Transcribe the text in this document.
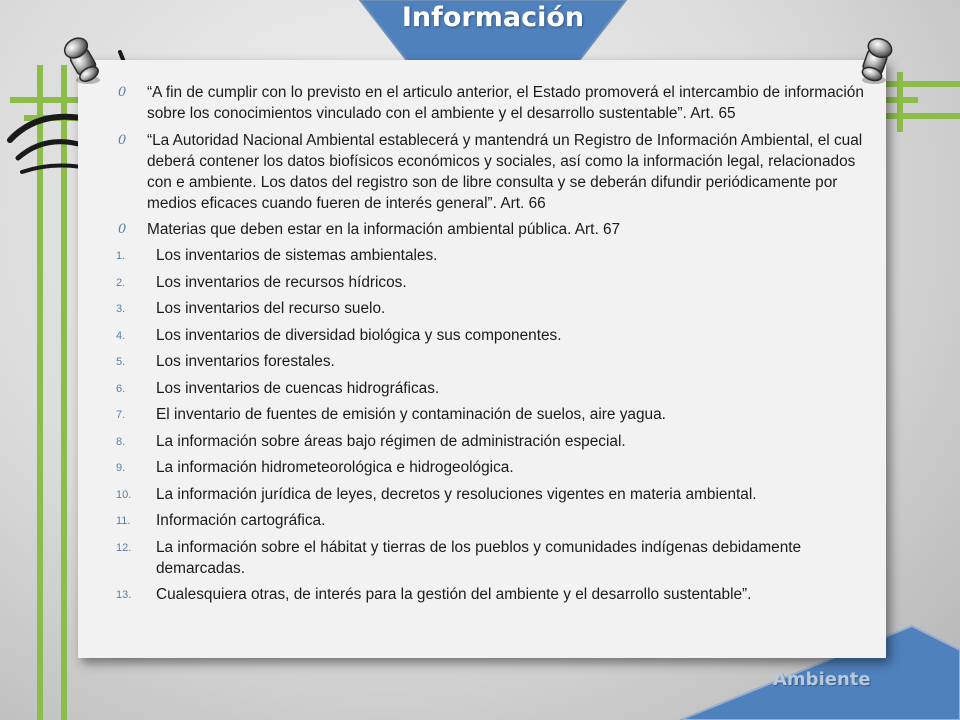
Información
Ambiente
0 “A fin de cumplir con lo previsto en el articulo anterior, el Estado promoverá el intercambio de información sobre los conocimientos vinculado con el ambiente y el desarrollo sustentable”. Art. 65
0 “La Autoridad Nacional Ambiental establecerá y mantendrá un Registro de Información Ambiental, el cual deberá contener los datos biofísicos económicos y sociales, así como la información legal, relacionados con e ambiente. Los datos del registro son de libre consulta y se deberán difundir periódicamente por medios eficaces cuando fueren de interés general”. Art. 66
0 Materias que deben estar en la información ambiental pública. Art. 67
1.	Los inventarios de sistemas ambientales.
2.	Los inventarios de recursos hídricos.
3.	Los inventarios del recurso suelo.
4.	Los inventarios de diversidad biológica y sus componentes.
5.	Los inventarios forestales.
6.	Los inventarios de cuencas hidrográficas.
7.	El inventario de fuentes de emisión y contaminación de suelos, aire yagua.
8.	La información sobre áreas bajo régimen de administración especial.
9.	La información hidrometeorológica e hidrogeológica.
10.	La información jurídica de leyes, decretos y resoluciones vigentes en materia ambiental.
11.	Información cartográfica.
12.	La información sobre el hábitat y tierras de los pueblos y comunidades indígenas debidamente demarcadas.
13.	Cualesquiera otras, de interés para la gestión del ambiente y el desarrollo sustentable”.
